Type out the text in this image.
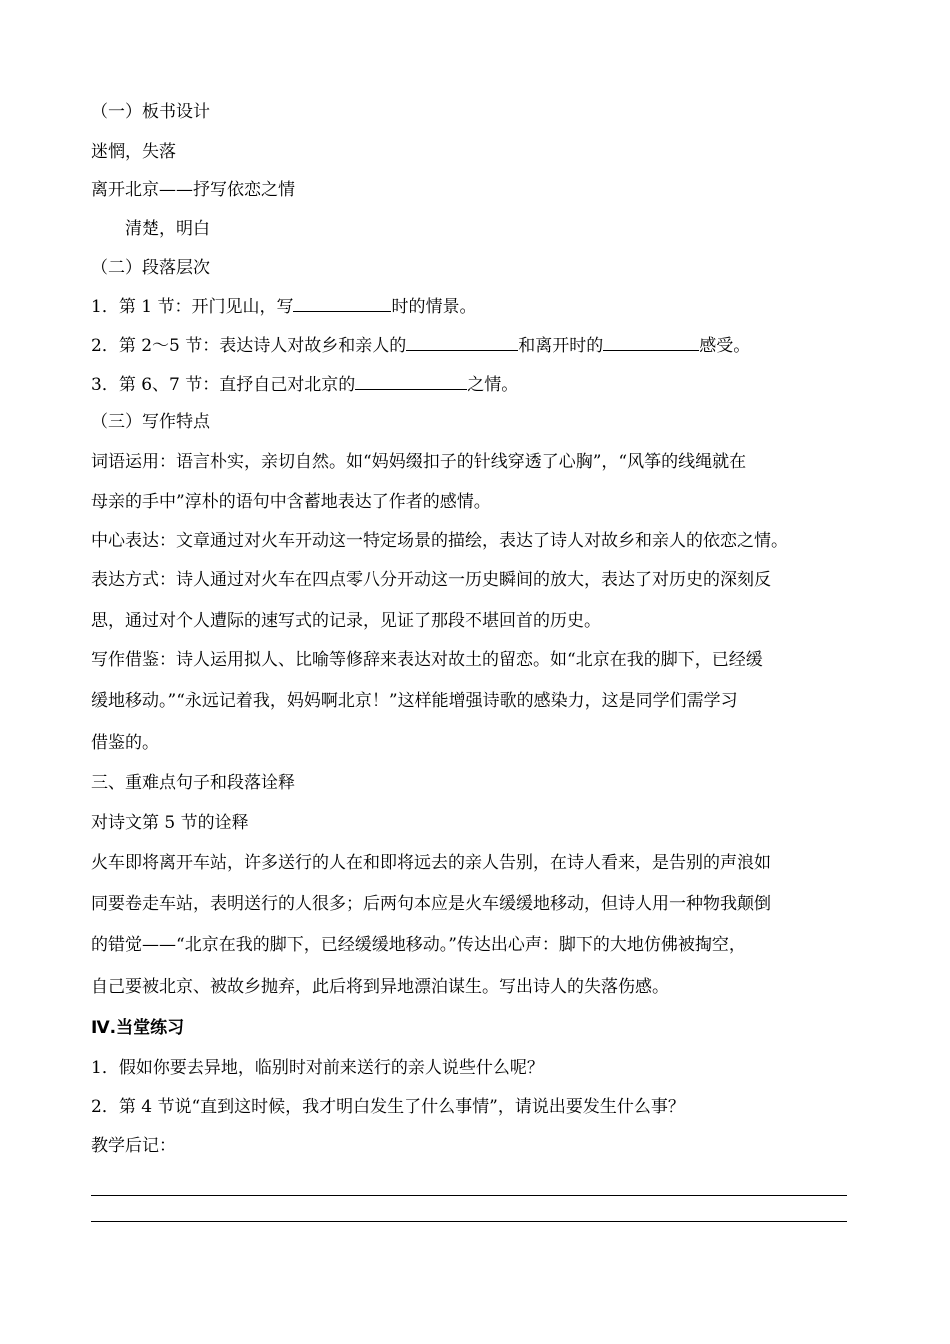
（一）板书设计
迷惘，失落
离开北京——抒写依恋之情
清楚，明白
（二）段落层次
1．第 1 节：开门见山，写	时的情景。
2．第 2～5 节：表达诗人对故乡和亲人的	和离开时的	感受。
3．第 6、7 节：直抒自己对北京的	之情。
（三）写作特点
词语运用：语言朴实，亲切自然。如“妈妈缀扣子的针线穿透了心胸”，“风筝的线绳就在
母亲的手中”淳朴的语句中含蓄地表达了作者的感情。
中心表达：文章通过对火车开动这一特定场景的描绘，表达了诗人对故乡和亲人的依恋之情。
表达方式：诗人通过对火车在四点零八分开动这一历史瞬间的放大，表达了对历史的深刻反
思，通过对个人遭际的速写式的记录，见证了那段不堪回首的历史。
写作借鉴：诗人运用拟人、比喻等修辞来表达对故土的留恋。如“北京在我的脚下，已经缓
缓地移动。”“永远记着我，妈妈啊北京！”这样能增强诗歌的感染力，这是同学们需学习
借鉴的。
三、重难点句子和段落诠释
对诗文第 5 节的诠释
火车即将离开车站，许多送行的人在和即将远去的亲人告别，在诗人看来，是告别的声浪如
同要卷走车站，表明送行的人很多；后两句本应是火车缓缓地移动，但诗人用一种物我颠倒
的错觉——“北京在我的脚下，已经缓缓地移动。”传达出心声：脚下的大地仿佛被掏空，
自己要被北京、被故乡抛弃，此后将到异地漂泊谋生。写出诗人的失落伤感。
Ⅳ.当堂练习
1．假如你要去异地，临别时对前来送行的亲人说些什么呢？
2．第 4 节说“直到这时候，我才明白发生了什么事情”，请说出要发生什么事？
教学后记：
